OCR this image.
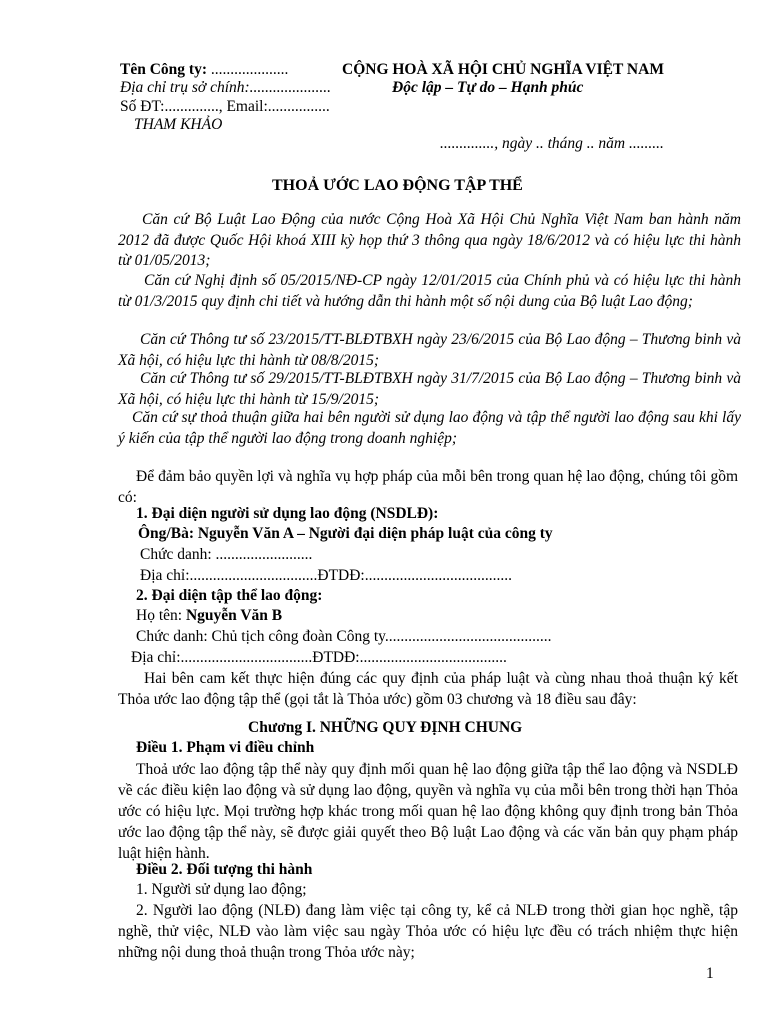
Tên Công ty: ....................
Địa chỉ trụ sở chính:.....................
Số ĐT:.............., Email:................
THAM KHẢO
CỘNG HOÀ XÃ HỘI CHỦ NGHĨA VIỆT NAM
Độc lập – Tự do – Hạnh phúc
.............., ngày .. tháng .. năm .........
THOẢ ƯỚC LAO ĐỘNG TẬP THỂ
Căn cứ Bộ Luật Lao Động của nước Cộng Hoà Xã Hội Chủ Nghĩa Việt Nam ban hành năm 2012 đã được Quốc Hội khoá XIII kỳ họp thứ 3 thông qua ngày 18/6/2012 và có hiệu lực thi hành từ 01/05/2013;
Căn cứ Nghị định số 05/2015/NĐ-CP ngày 12/01/2015 của Chính phủ và có hiệu lực thi hành từ 01/3/2015 quy định chi tiết và hướng dẫn thi hành một số nội dung của Bộ luật Lao động;
Căn cứ Thông tư số 23/2015/TT-BLĐTBXH ngày 23/6/2015 của Bộ Lao động – Thương binh và Xã hội, có hiệu lực thi hành từ 08/8/2015;
Căn cứ Thông tư số 29/2015/TT-BLĐTBXH ngày 31/7/2015 của Bộ Lao động – Thương binh và Xã hội, có hiệu lực thi hành từ 15/9/2015;
Căn cứ sự thoả thuận giữa hai bên người sử dụng lao động và tập thể người lao động sau khi lấy ý kiến của tập thể người lao động trong doanh nghiệp;
Để đảm bảo quyền lợi và nghĩa vụ hợp pháp của mỗi bên trong quan hệ lao động, chúng tôi gồm có:
1. Đại diện người sử dụng lao động (NSDLĐ):
Ông/Bà: Nguyễn Văn A – Người đại diện pháp luật của công ty
Chức danh: .........................
Địa chỉ:.................................ĐTDĐ:......................................
2. Đại diện tập thể lao động:
Họ tên: Nguyễn Văn B
Chức danh: Chủ tịch công đoàn Công ty...........................................
Địa chỉ:..................................ĐTDĐ:......................................
Hai bên cam kết thực hiện đúng các quy định của pháp luật và cùng nhau thoả thuận ký kết Thỏa ước lao động tập thể (gọi tắt là Thỏa ước) gồm 03 chương và 18 điều sau đây:
Chương I. NHỮNG QUY ĐỊNH CHUNG
Điều 1. Phạm vi điều chỉnh
Thoả ước lao động tập thể này quy định mối quan hệ lao động giữa tập thể lao động và NSDLĐ về các điều kiện lao động và sử dụng lao động, quyền và nghĩa vụ của mỗi bên trong thời hạn Thỏa ước có hiệu lực. Mọi trường hợp khác trong mối quan hệ lao động không quy định trong bản Thỏa ước lao động tập thể này, sẽ được giải quyết theo Bộ luật Lao động và các văn bản quy phạm pháp luật hiện hành.
Điều 2. Đối tượng thi hành
1. Người sử dụng lao động;
2. Người lao động (NLĐ) đang làm việc tại công ty, kể cả NLĐ trong thời gian học nghề, tập nghề, thử việc, NLĐ vào làm việc sau ngày Thỏa ước có hiệu lực đều có trách nhiệm thực hiện những nội dung thoả thuận trong Thỏa ước này;
1
